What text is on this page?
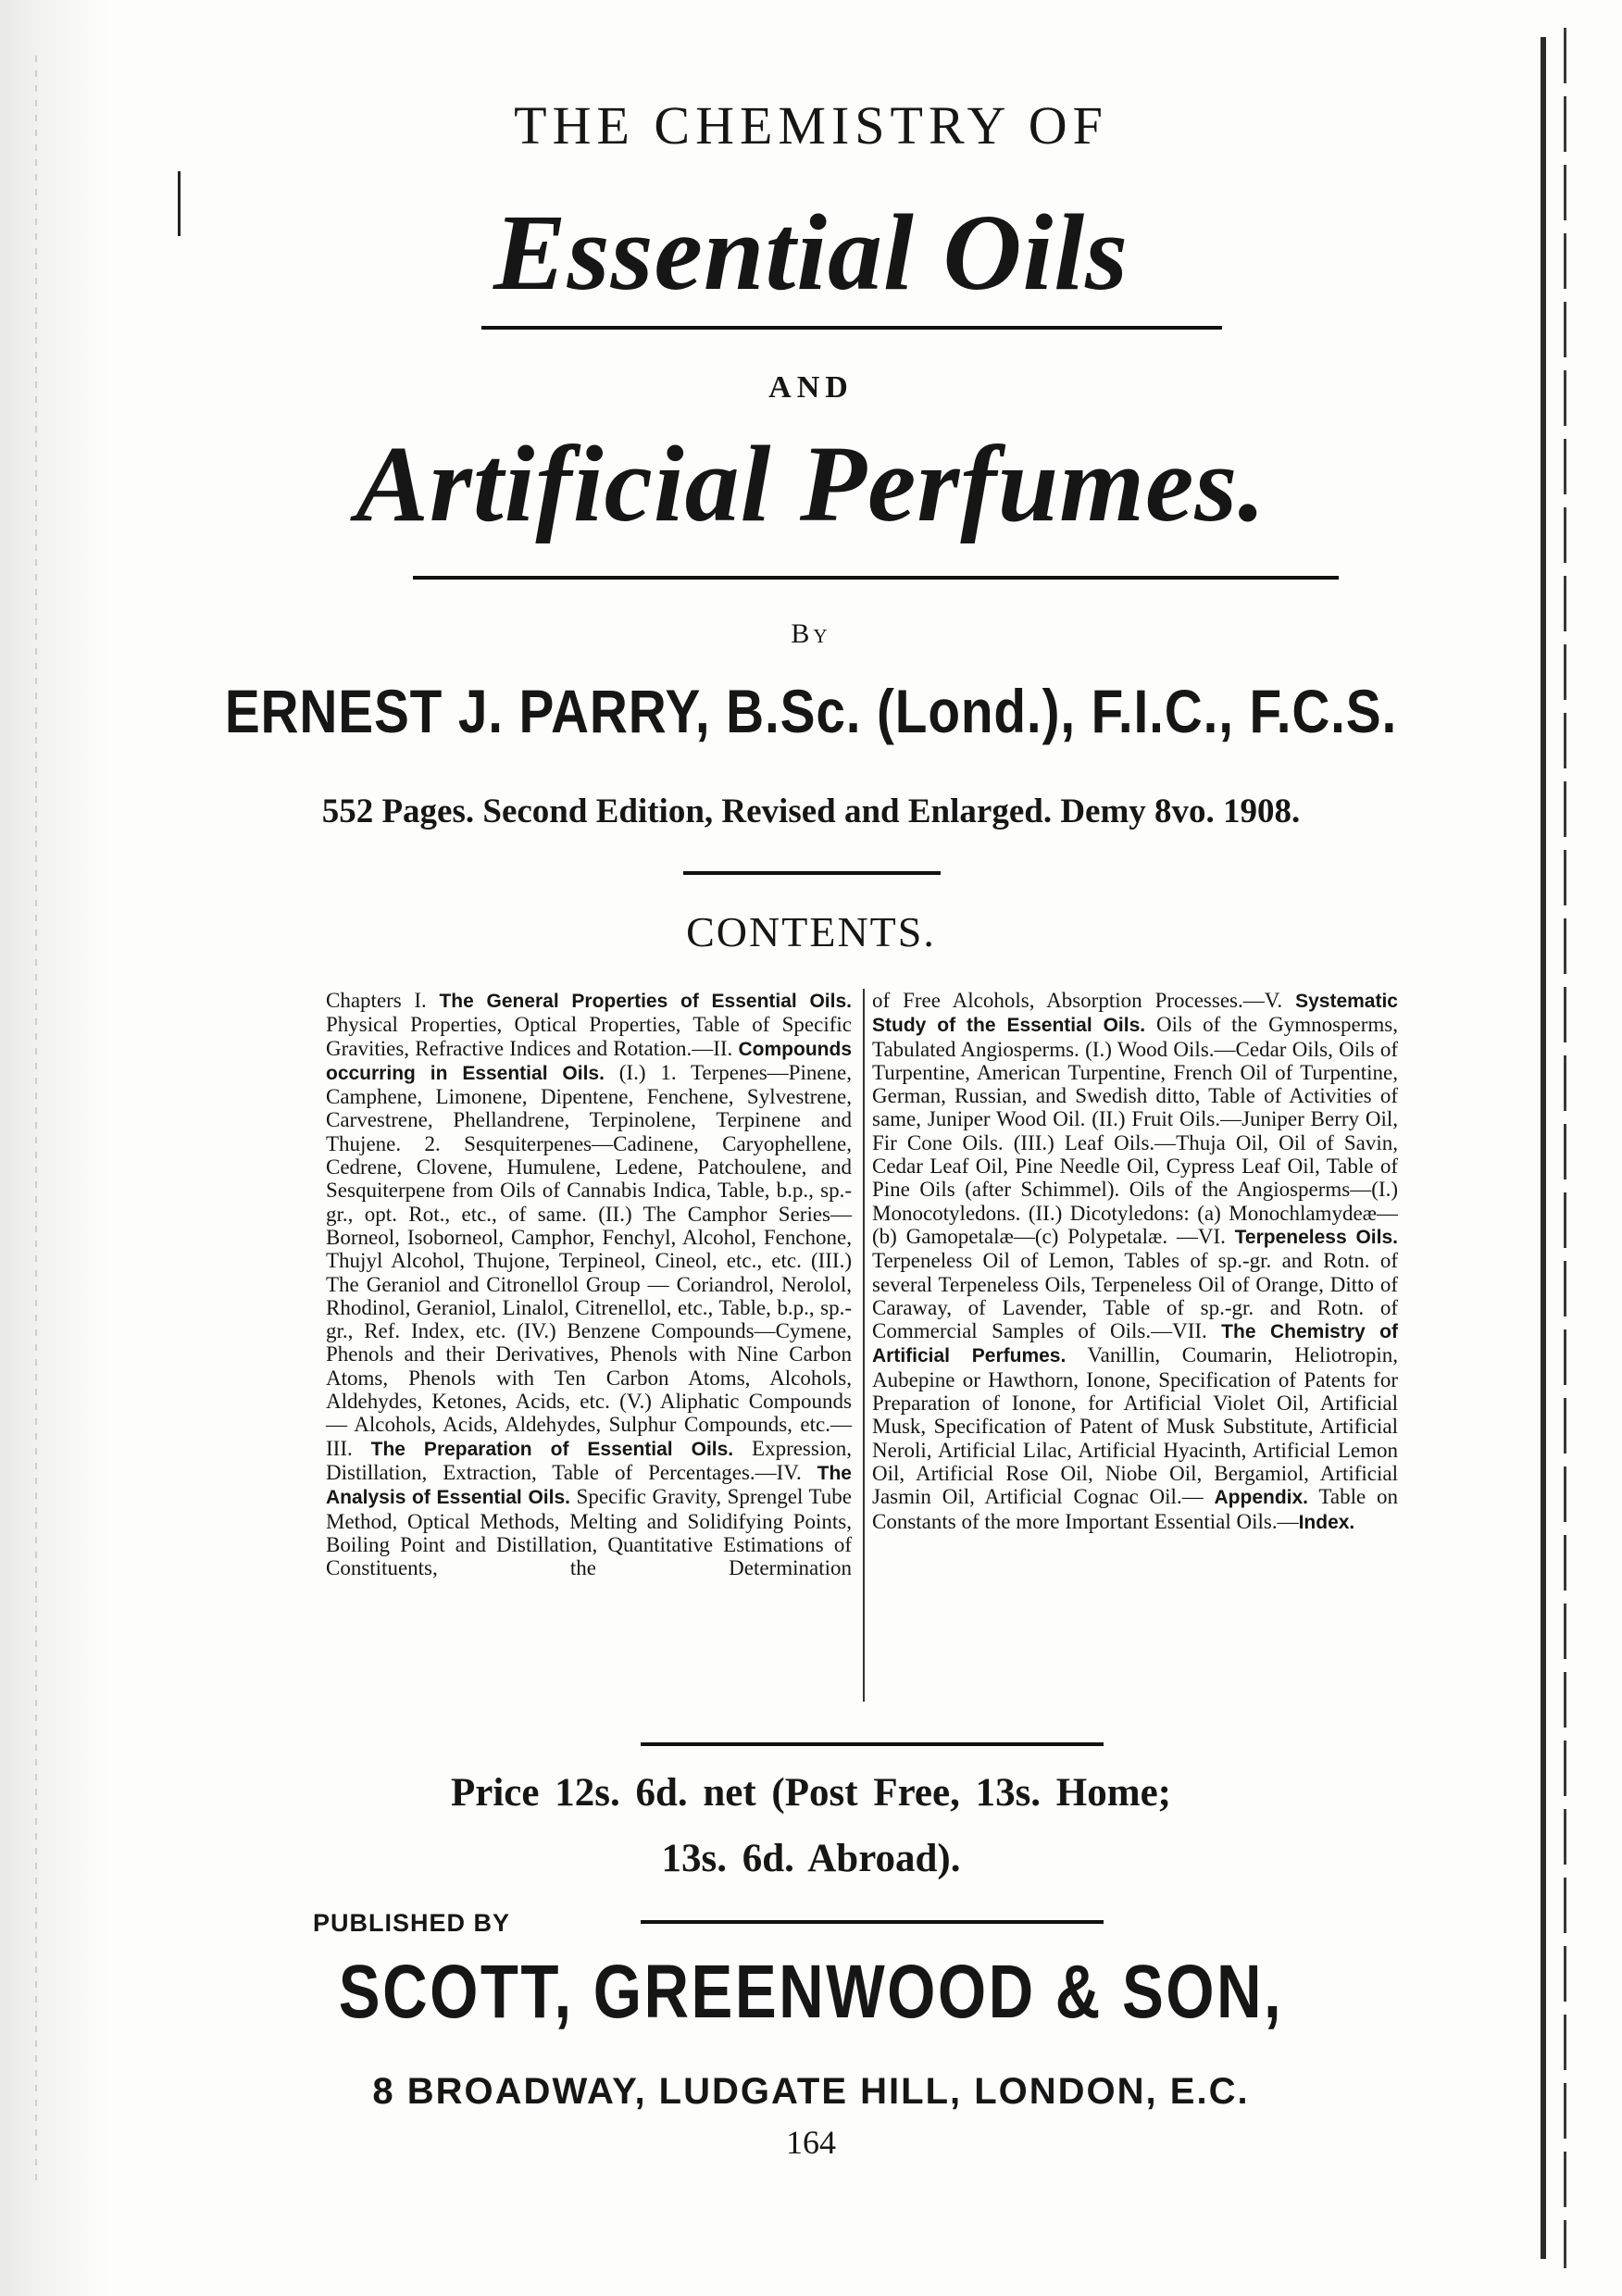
THE CHEMISTRY OF
Essential Oils
AND
Artificial Perfumes.
By
ERNEST J. PARRY, B.Sc. (Lond.), F.I.C., F.C.S.
552 Pages. Second Edition, Revised and Enlarged. Demy 8vo. 1908.
CONTENTS.
Chapters I. The General Properties of Essential Oils. Physical Properties, Optical Properties, Table of Specific Gravities, Refractive Indices and Rotation.—II. Compounds occurring in Essential Oils. (I.) 1. Terpenes—Pinene, Camphene, Limonene, Dipentene, Fenchene, Sylvestrene, Carvestrene, Phellandrene, Terpinolene, Terpinene and Thujene. 2. Sesquiterpenes—Cadinene, Caryophellene, Cedrene, Clovene, Humulene, Ledene, Patchoulene, and Sesquiterpene from Oils of Cannabis Indica, Table, b.p., sp.-gr., opt. Rot., etc., of same. (II.) The Camphor Series—Borneol, Isoborneol, Camphor, Fenchyl, Alcohol, Fenchone, Thujyl Alcohol, Thujone, Terpineol, Cineol, etc., etc. (III.) The Geraniol and Citronellol Group — Coriandrol, Nerolol, Rhodinol, Geraniol, Linalol, Citrenellol, etc., Table, b.p., sp.-gr., Ref. Index, etc. (IV.) Benzene Compounds—Cymene, Phenols and their Derivatives, Phenols with Nine Carbon Atoms, Phenols with Ten Carbon Atoms, Alcohols, Aldehydes, Ketones, Acids, etc. (V.) Aliphatic Compounds — Alcohols, Acids, Aldehydes, Sulphur Compounds, etc.—III. The Preparation of Essential Oils. Expression, Distillation, Extraction, Table of Percentages.—IV. The Analysis of Essential Oils. Specific Gravity, Sprengel Tube Method, Optical Methods, Melting and Solidifying Points, Boiling Point and Distillation, Quantitative Estimations of Constituents, the Determination
of Free Alcohols, Absorption Processes.—V. Systematic Study of the Essential Oils. Oils of the Gymnosperms, Tabulated Angiosperms. (I.) Wood Oils.—Cedar Oils, Oils of Turpentine, American Turpentine, French Oil of Turpentine, German, Russian, and Swedish ditto, Table of Activities of same, Juniper Wood Oil. (II.) Fruit Oils.—Juniper Berry Oil, Fir Cone Oils. (III.) Leaf Oils.—Thuja Oil, Oil of Savin, Cedar Leaf Oil, Pine Needle Oil, Cypress Leaf Oil, Table of Pine Oils (after Schimmel). Oils of the Angiosperms—(I.) Monocotyledons. (II.) Dicotyledons: (a) Monochlamydeæ—(b) Gamopetalæ—(c) Polypetalæ. —VI. Terpeneless Oils. Terpeneless Oil of Lemon, Tables of sp.-gr. and Rotn. of several Terpeneless Oils, Terpeneless Oil of Orange, Ditto of Caraway, of Lavender, Table of sp.-gr. and Rotn. of Commercial Samples of Oils.—VII. The Chemistry of Artificial Perfumes. Vanillin, Coumarin, Heliotropin, Aubepine or Hawthorn, Ionone, Specification of Patents for Preparation of Ionone, for Artificial Violet Oil, Artificial Musk, Specification of Patent of Musk Substitute, Artificial Neroli, Artificial Lilac, Artificial Hyacinth, Artificial Lemon Oil, Artificial Rose Oil, Niobe Oil, Bergamiol, Artificial Jasmin Oil, Artificial Cognac Oil.— Appendix. Table on Constants of the more Important Essential Oils.—Index.
Price 12s. 6d. net (Post Free, 13s. Home;
13s. 6d. Abroad).
PUBLISHED BY
SCOTT, GREENWOOD & SON,
8 BROADWAY, LUDGATE HILL, LONDON, E.C.
164
